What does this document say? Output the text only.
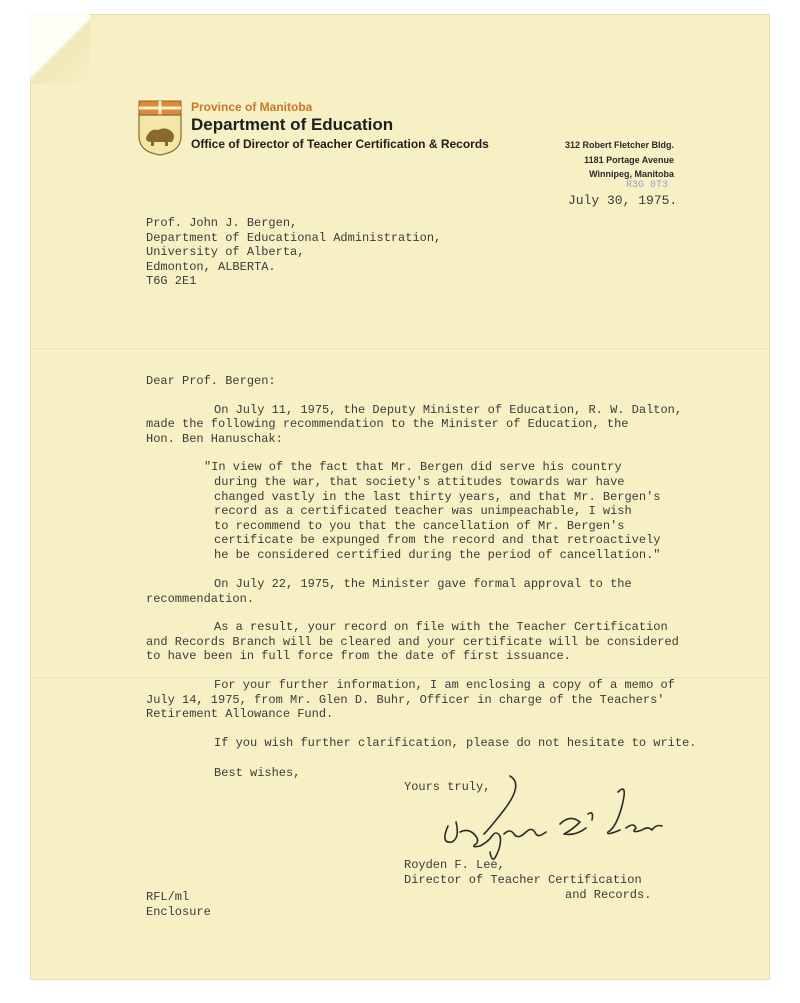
Province of Manitoba
Department of Education
Office of Director of Teacher Certification & Records	312 Robert Fletcher Bldg.
1181 Portage Avenue
Winnipeg, Manitoba
R3G 0T3
July 30, 1975.
Prof. John J. Bergen,
Department of Educational Administration,
University of Alberta,
Edmonton, ALBERTA.
T6G 2E1
Dear Prof. Bergen:
On July 11, 1975, the Deputy Minister of Education, R. W. Dalton,
made the following recommendation to the Minister of Education, the
Hon. Ben Hanuschak:
"In view of the fact that Mr. Bergen did serve his country
during the war, that society's attitudes towards war have
changed vastly in the last thirty years, and that Mr. Bergen's
record as a certificated teacher was unimpeachable, I wish
to recommend to you that the cancellation of Mr. Bergen's
certificate be expunged from the record and that retroactively
he be considered certified during the period of cancellation."
On July 22, 1975, the Minister gave formal approval to the
recommendation.
As a result, your record on file with the Teacher Certification
and Records Branch will be cleared and your certificate will be considered
to have been in full force from the date of first issuance.
For your further information, I am enclosing a copy of a memo of
July 14, 1975, from Mr. Glen D. Buhr, Officer in charge of the Teachers'
Retirement Allowance Fund.
If you wish further clarification, please do not hesitate to write.
Best wishes,
Yours truly,
Royden F. Lee,
Director of Teacher Certification
and Records.
RFL/ml
Enclosure
